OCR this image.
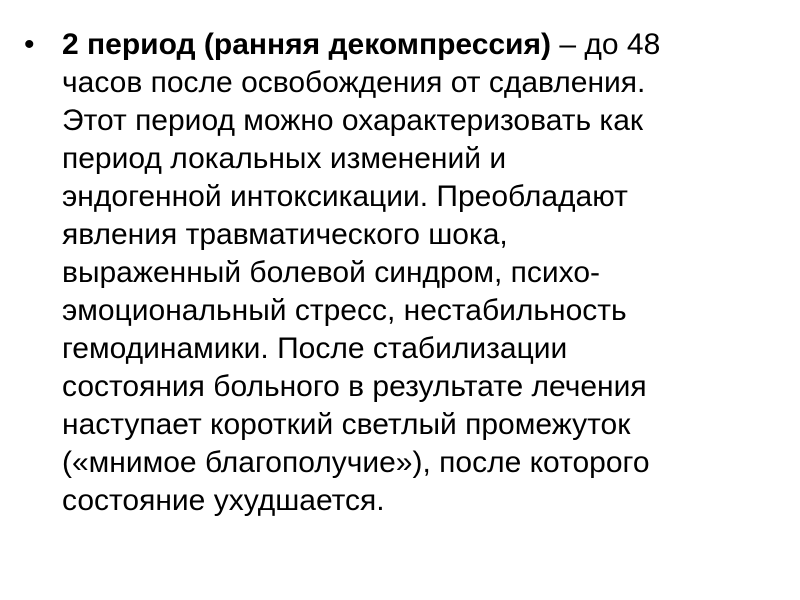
• 2 период (ранняя декомпрессия) – до 48
часов после освобождения от сдавления.
Этот период можно охарактеризовать как
период локальных изменений и
эндогенной интоксикации. Преобладают
явления травматического шока,
выраженный болевой синдром, психо-
эмоциональный стресс, нестабильность
гемодинамики. После стабилизации
состояния больного в результате лечения
наступает короткий светлый промежуток
(«мнимое благополучие»), после которого
состояние ухудшается.
